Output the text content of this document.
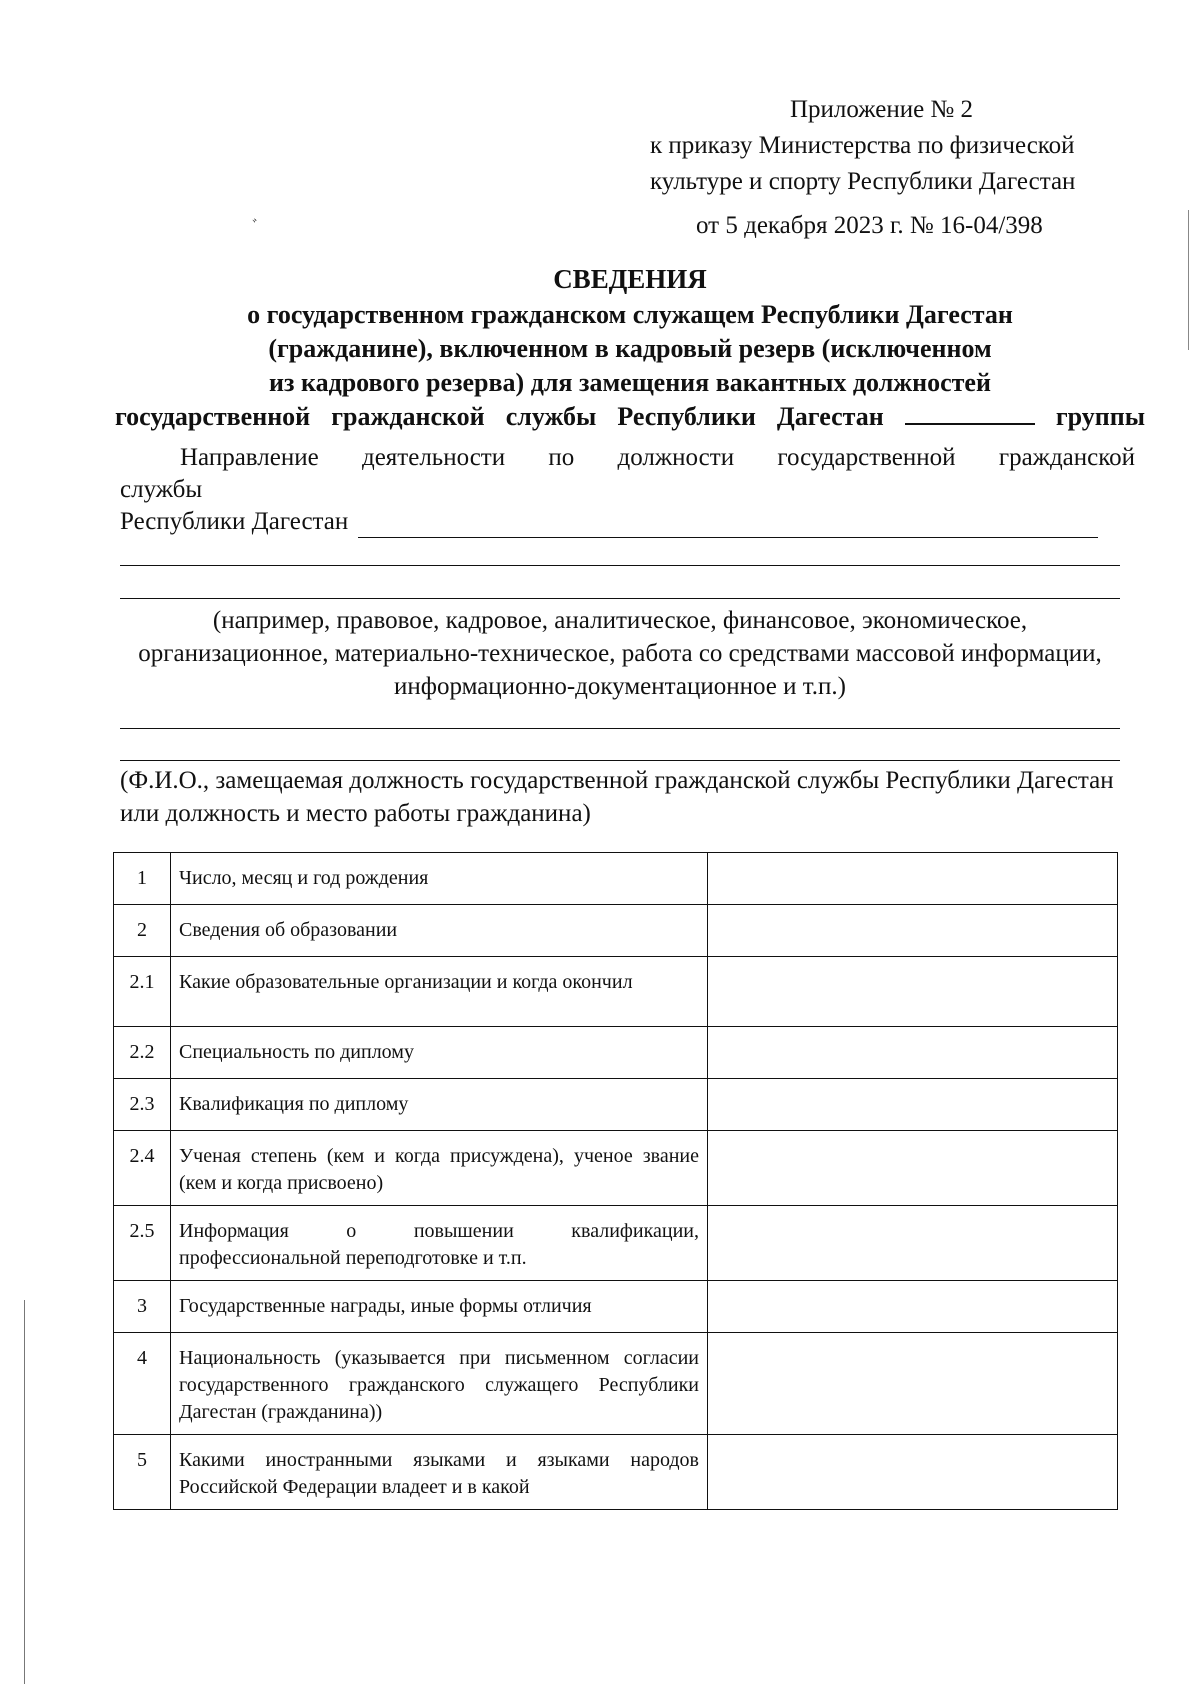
Приложение № 2
к приказу Министерства по физической
культуре и спорту Республики Дагестан
от 5 декабря 2023 г. № 16-04/398
ﾞ
СВЕДЕНИЯ
о государственном гражданском служащем Республики Дагестан
(гражданине), включенном в кадровый резерв (исключенном
из кадрового резерва) для замещения вакантных должностей
государственной гражданской службы Республики Дагестан	группы
Направление деятельности по должности государственной гражданской
службы
Республики Дагестан
(например, правовое, кадровое, аналитическое, финансовое, экономическое, организационное, материально-техническое, работа со средствами массовой информации, информационно-документационное и т.п.)
(Ф.И.О., замещаемая должность государственной гражданской службы Республики Дагестан или должность и место работы гражданина)
1	Число, месяц и год рождения	
2	Сведения об образовании	
2.1	Какие образовательные организации и когда окончил	
2.2	Специальность по диплому	
2.3	Квалификация по диплому	
2.4	Ученая степень (кем и когда присуждена), ученое звание (кем и когда присвоено)	
2.5	Информация о повышении квалификации, профессиональной переподготовке и т.п.	
3	Государственные награды, иные формы отличия	
4	Национальность (указывается при письменном согласии государственного гражданского служащего Республики Дагестан (гражданина))	
5	Какими иностранными языками и языками народов Российской Федерации владеет и в какой	
